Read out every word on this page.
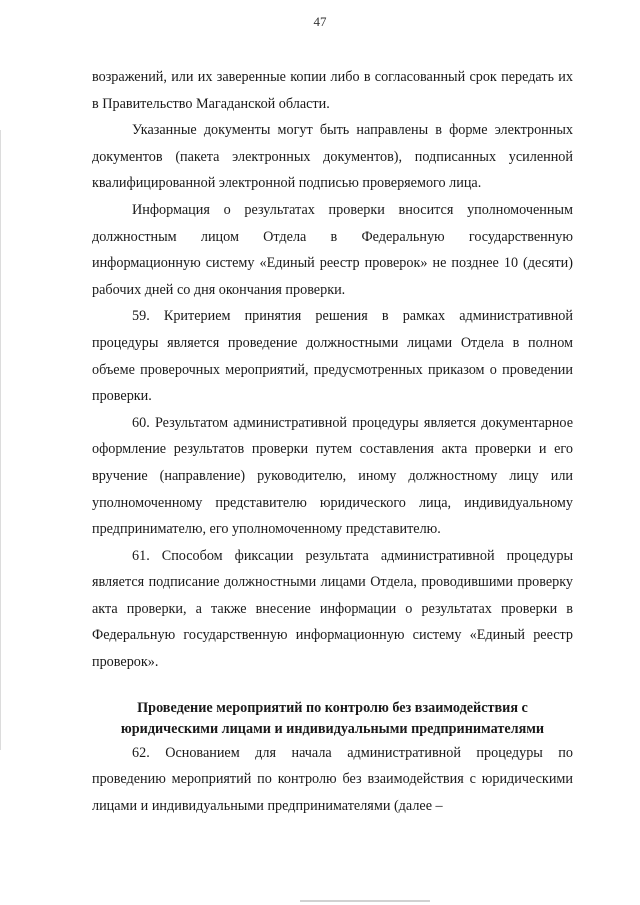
47

возражений, или их заверенные копии либо в согласованный срок передать их в Правительство Магаданской области.

Указанные документы могут быть направлены в форме электронных документов (пакета электронных документов), подписанных усиленной квалифицированной электронной подписью проверяемого лица.

Информация о результатах проверки вносится уполномоченным должностным лицом Отдела в Федеральную государственную информационную систему «Единый реестр проверок» не позднее 10 (десяти) рабочих дней со дня окончания проверки.

59. Критерием принятия решения в рамках административной процедуры является проведение должностными лицами Отдела в полном объеме проверочных мероприятий, предусмотренных приказом о проведении проверки.

60. Результатом административной процедуры является документарное оформление результатов проверки путем составления акта проверки и его вручение (направление) руководителю, иному должностному лицу или уполномоченному представителю юридического лица, индивидуальному предпринимателю, его уполномоченному представителю.

61. Способом фиксации результата административной процедуры является подписание должностными лицами Отдела, проводившими проверку акта проверки, а также внесение информации о результатах проверки в Федеральную государственную информационную систему «Единый реестр проверок».

Проведение мероприятий по контролю без взаимодействия с
юридическими лицами и индивидуальными предпринимателями

62. Основанием для начала административной процедуры по проведению мероприятий по контролю без взаимодействия с юридическими лицами и индивидуальными предпринимателями (далее –
